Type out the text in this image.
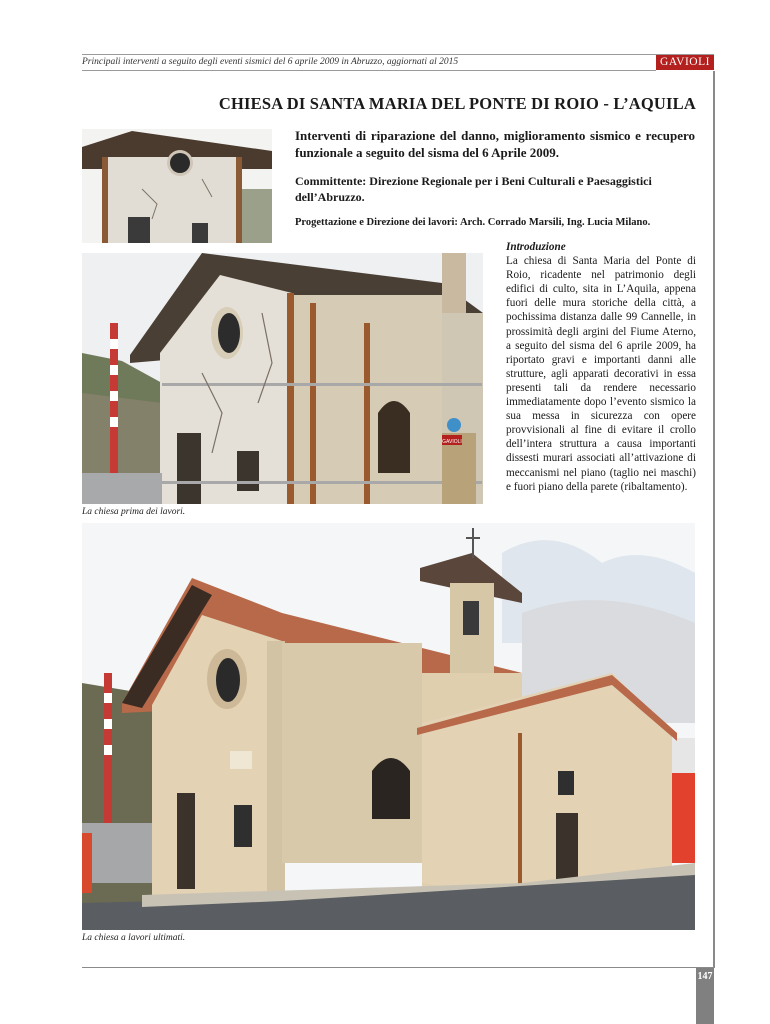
Principali interventi a seguito degli eventi sismici del 6 aprile 2009 in Abruzzo, aggiornati al 2015	GAVIOLI
CHIESA DI SANTA MARIA DEL PONTE DI ROIO - L’AQUILA
Interventi di riparazione del danno, miglioramento sismico e recupero funzionale a seguito del sisma del 6 Aprile 2009.
Committente: Direzione Regionale per i Beni Culturali e Paesaggistici dell’Abruzzo.
Progettazione e Direzione dei lavori: Arch. Corrado Marsili, Ing. Lucia Milano.
Introduzione
La chiesa di Santa Maria del Ponte di Roio, ricadente nel patrimonio degli edifici di culto, sita in L’Aquila, appena fuori delle mura storiche della città, a pochissima distanza dalle 99 Cannelle, in prossimità degli argini del Fiume Aterno, a seguito del sisma del 6 aprile 2009, ha riportato gravi e importanti danni alle strutture, agli apparati decorativi in essa presenti tali da rendere necessario immediatamente dopo l’evento sismico la sua messa in sicurezza con opere provvisionali al fine di evitare il crollo dell’intera struttura a causa importanti dissesti murari associati all’attivazione di meccanismi nel piano (taglio nei maschi) e fuori piano della parete (ribaltamento).
GAVIOLI
La chiesa prima dei lavori.
La chiesa a lavori ultimati.
147
